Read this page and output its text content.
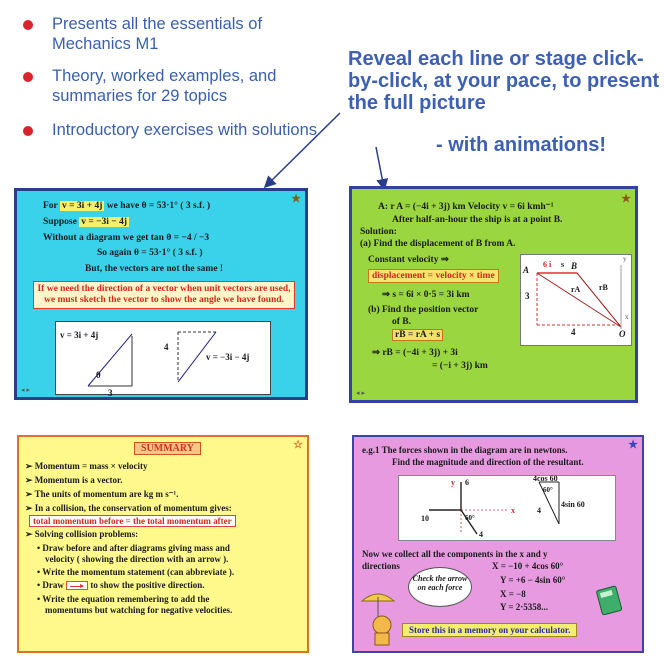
Presents all the essentials of Mechanics M1
Theory, worked examples, and summaries for 29 topics
Introductory exercises with solutions
Reveal each line or stage click-by-click, at your pace, to present the full picture
- with animations!
★
For v = 3i + 4j we have θ = 53·1° ( 3 s.f. )
Suppose v = −3i − 4j
Without a diagram we get tan θ = −4 / −3
So again θ = 53·1° ( 3 s.f. )
But, the vectors are not the same !
If we need the direction of a vector when unit vectors are used, we must sketch the vector to show the angle we have found.
v = 3i + 4j
v = −3i − 4j
θ
3
4
◂ ▸
★
A: r A = (−4i + 3j) km Velocity v = 6i kmh⁻¹
After half-an-hour the ship is at a point B.
Solution:
(a) Find the displacement of B from A.
Constant velocity ⇒
displacement = velocity × time
⇒ s = 6i × 0·5 = 3i km
(b) Find the position vector
of B.
rB = rA + s
⇒ rB = (−4i + 3j) + 3i
= (−i + 3j) km
A	B
O
6 i s
rA rB
3
4
x
y
◂ ▸
☆
SUMMARY
➢ Momentum = mass × velocity
➢ Momentum is a vector.
➢ The units of momentum are kg m s⁻¹.
➢ In a collision, the conservation of momentum gives:
total momentum before = the total momentum after
➢ Solving collision problems:
• Draw before and after diagrams giving mass and
velocity ( showing the direction with an arrow ).
• Write the momentum statement (can abbreviate ).
• Draw	to show the positive direction.
• Write the equation remembering to add the
momentums but watching for negative velocities.
★
e.g.1 The forces shown in the diagram are in newtons.
Find the magnitude and direction of the resultant.
6
10
4
60°
x
y	4cos 60
60°
4
4sin 60
Now we collect all the components in the x and y
directions	X = −10 + 4cos 60°
Y = +6 − 4sin 60°
X = −8
Y = 2·5358...
Check the arrow on each force
Store this in a memory on your calculator.
